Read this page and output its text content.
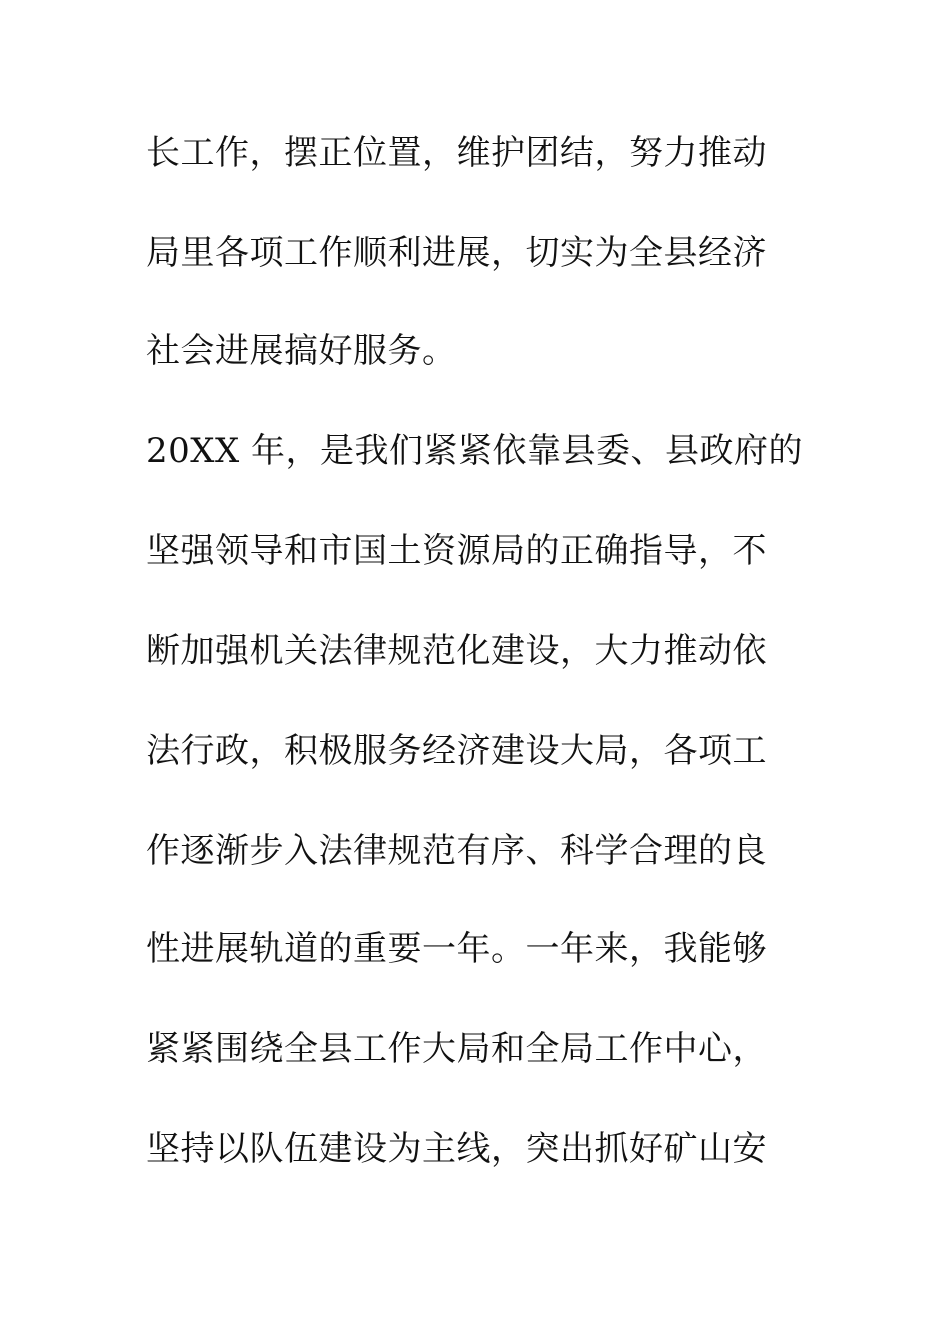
长工作，摆正位置，维护团结，努力推动
局里各项工作顺利进展，切实为全县经济
社会进展搞好服务。
20XX 年，是我们紧紧依靠县委、县政府的
坚强领导和市国土资源局的正确指导，不
断加强机关法律规范化建设，大力推动依
法行政，积极服务经济建设大局，各项工
作逐渐步入法律规范有序、科学合理的良
性进展轨道的重要一年。一年来，我能够
紧紧围绕全县工作大局和全局工作中心，
坚持以队伍建设为主线，突出抓好矿山安
